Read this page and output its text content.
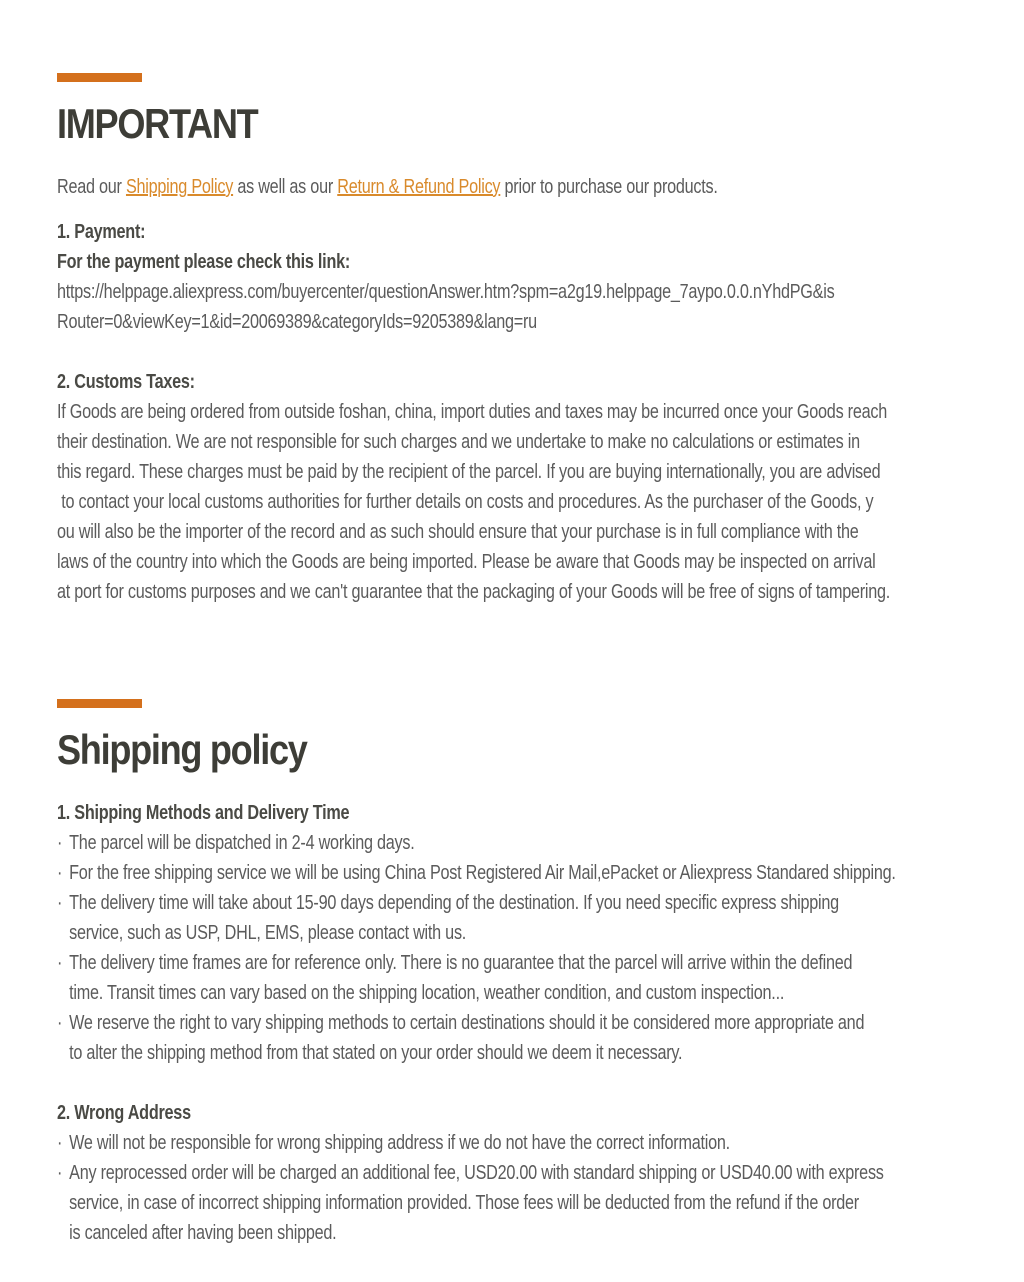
IMPORTANT
Read our Shipping Policy as well as our Return & Refund Policy prior to purchase our products.
1. Payment:
For the payment please check this link:
https://helppage.aliexpress.com/buyercenter/questionAnswer.htm?spm=a2g19.helppage_7aypo.0.0.nYhdPG&is
Router=0&viewKey=1&id=20069389&categoryIds=9205389&lang=ru
2. Customs Taxes:
If Goods are being ordered from outside foshan, china, import duties and taxes may be incurred once your Goods reach
their destination. We are not responsible for such charges and we undertake to make no calculations or estimates in
this regard. These charges must be paid by the recipient of the parcel. If you are buying internationally, you are advised
to contact your local customs authorities for further details on costs and procedures. As the purchaser of the Goods, y
ou will also be the importer of the record and as such should ensure that your purchase is in full compliance with the
laws of the country into which the Goods are being imported. Please be aware that Goods may be inspected on arrival
at port for customs purposes and we can't guarantee that the packaging of your Goods will be free of signs of tampering.
Shipping policy
1. Shipping Methods and Delivery Time
· The parcel will be dispatched in 2-4 working days.
· For the free shipping service we will be using China Post Registered Air Mail,ePacket or Aliexpress Standared shipping.
· The delivery time will take about 15-90 days depending of the destination. If you need specific express shipping
service, such as USP, DHL, EMS, please contact with us.
· The delivery time frames are for reference only. There is no guarantee that the parcel will arrive within the defined
time. Transit times can vary based on the shipping location, weather condition, and custom inspection...
· We reserve the right to vary shipping methods to certain destinations should it be considered more appropriate and
to alter the shipping method from that stated on your order should we deem it necessary.
2. Wrong Address
· We will not be responsible for wrong shipping address if we do not have the correct information.
· Any reprocessed order will be charged an additional fee, USD20.00 with standard shipping or USD40.00 with express
service, in case of incorrect shipping information provided. Those fees will be deducted from the refund if the order
is canceled after having been shipped.
